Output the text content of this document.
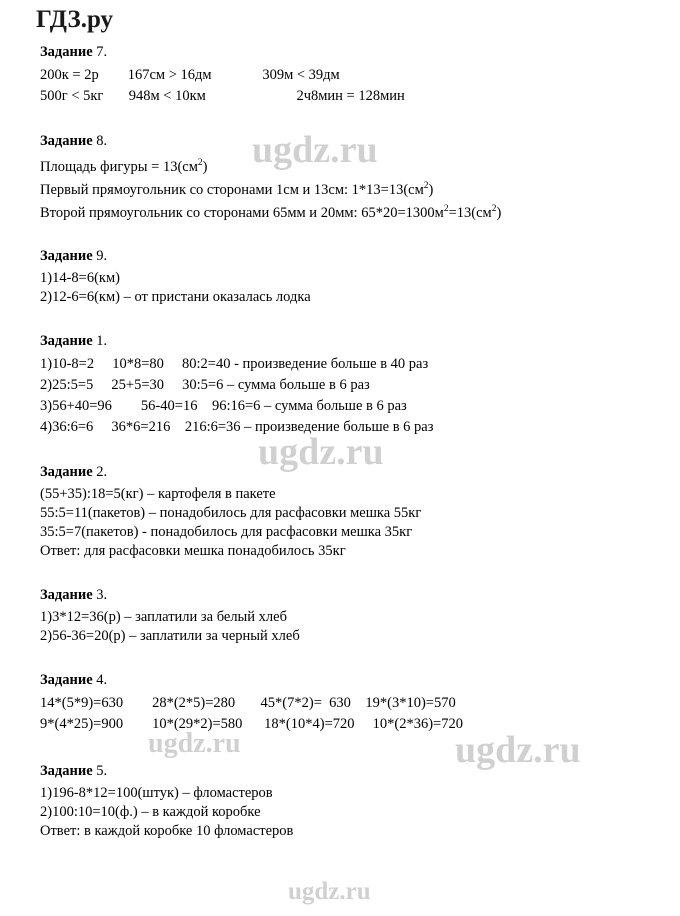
ГДЗ.ру
Задание 7.
200к = 2р        167см > 16дм              309м < 39дм
500г < 5кг       948м < 10км                         2ч8мин = 128мин
Задание 8.
Площадь фигуры = $13(см^2)$
Первый прямоугольник со сторонами 1см и 13см: $1*13=13(см^2)$
Второй прямоугольник со сторонами 65мм и 20мм: $65*20=1300м^2=13(см^2)$
Задание 9.
1)14-8=6(км)
2)12-6=6(км) – от пристани оказалась лодка
Задание 1.
1)10-8=2     10*8=80     80:2=40 - произведение больше в 40 раз
2)25:5=5     25+5=30     30:5=6 – сумма больше в 6 раз
3)56+40=96        56-40=16    96:16=6 – сумма больше в 6 раз
4)36:6=6     36*6=216    216:6=36 – произведение больше в 6 раз
Задание 2.
(55+35):18=5(кг) – картофеля в пакете
55:5=11(пакетов) – понадобилось для расфасовки мешка 55кг
35:5=7(пакетов) - понадобилось для расфасовки мешка 35кг
Ответ: для расфасовки мешка понадобилось 35кг
Задание 3.
1)3*12=36(р) – заплатили за белый хлеб
2)56-36=20(р) – заплатили за черный хлеб
Задание 4.
14*(5*9)=630        28*(2*5)=280       45*(7*2)=  630    19*(3*10)=570
9*(4*25)=900        10*(29*2)=580      18*(10*4)=720     10*(2*36)=720
Задание 5.
1)196-8*12=100(штук) – фломастеров
2)100:10=10(ф.) – в каждой коробке
Ответ: в каждой коробке 10 фломастеров
ugdz.ru
ugdz.ru
ugdz.ru	ugdz.ru
ugdz.ru
